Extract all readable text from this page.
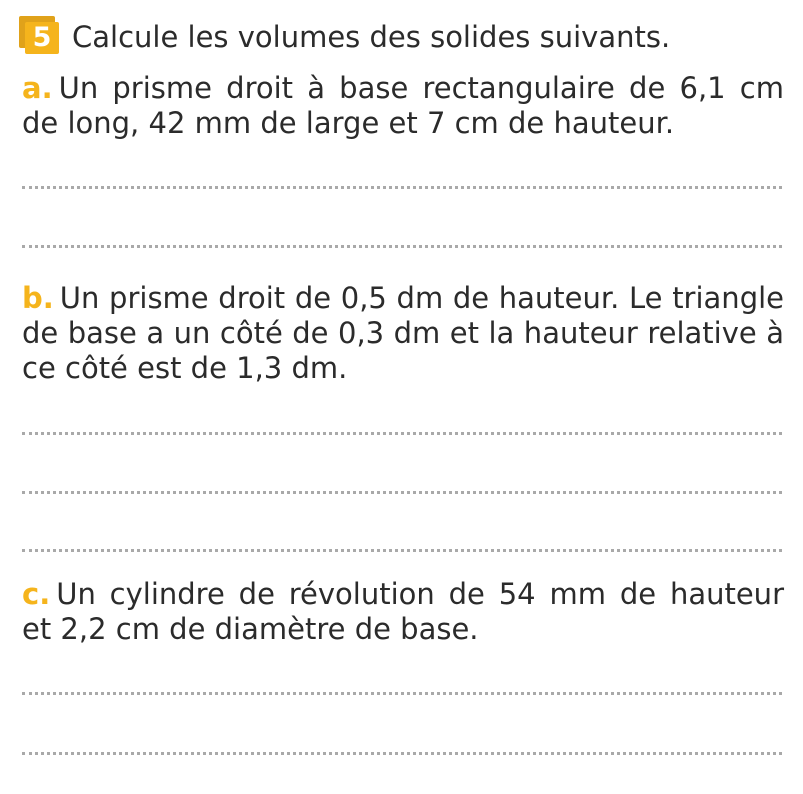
5 Calcule les volumes des solides suivants.
a. Un prisme droit à base rectangulaire de 6,1 cm de long, 42 mm de large et 7 cm de hauteur.
b. Un prisme droit de 0,5 dm de hauteur. Le triangle de base a un côté de 0,3 dm et la hauteur relative à ce côté est de 1,3 dm.
c. Un cylindre de révolution de 54 mm de hauteur et 2,2 cm de diamètre de base.
